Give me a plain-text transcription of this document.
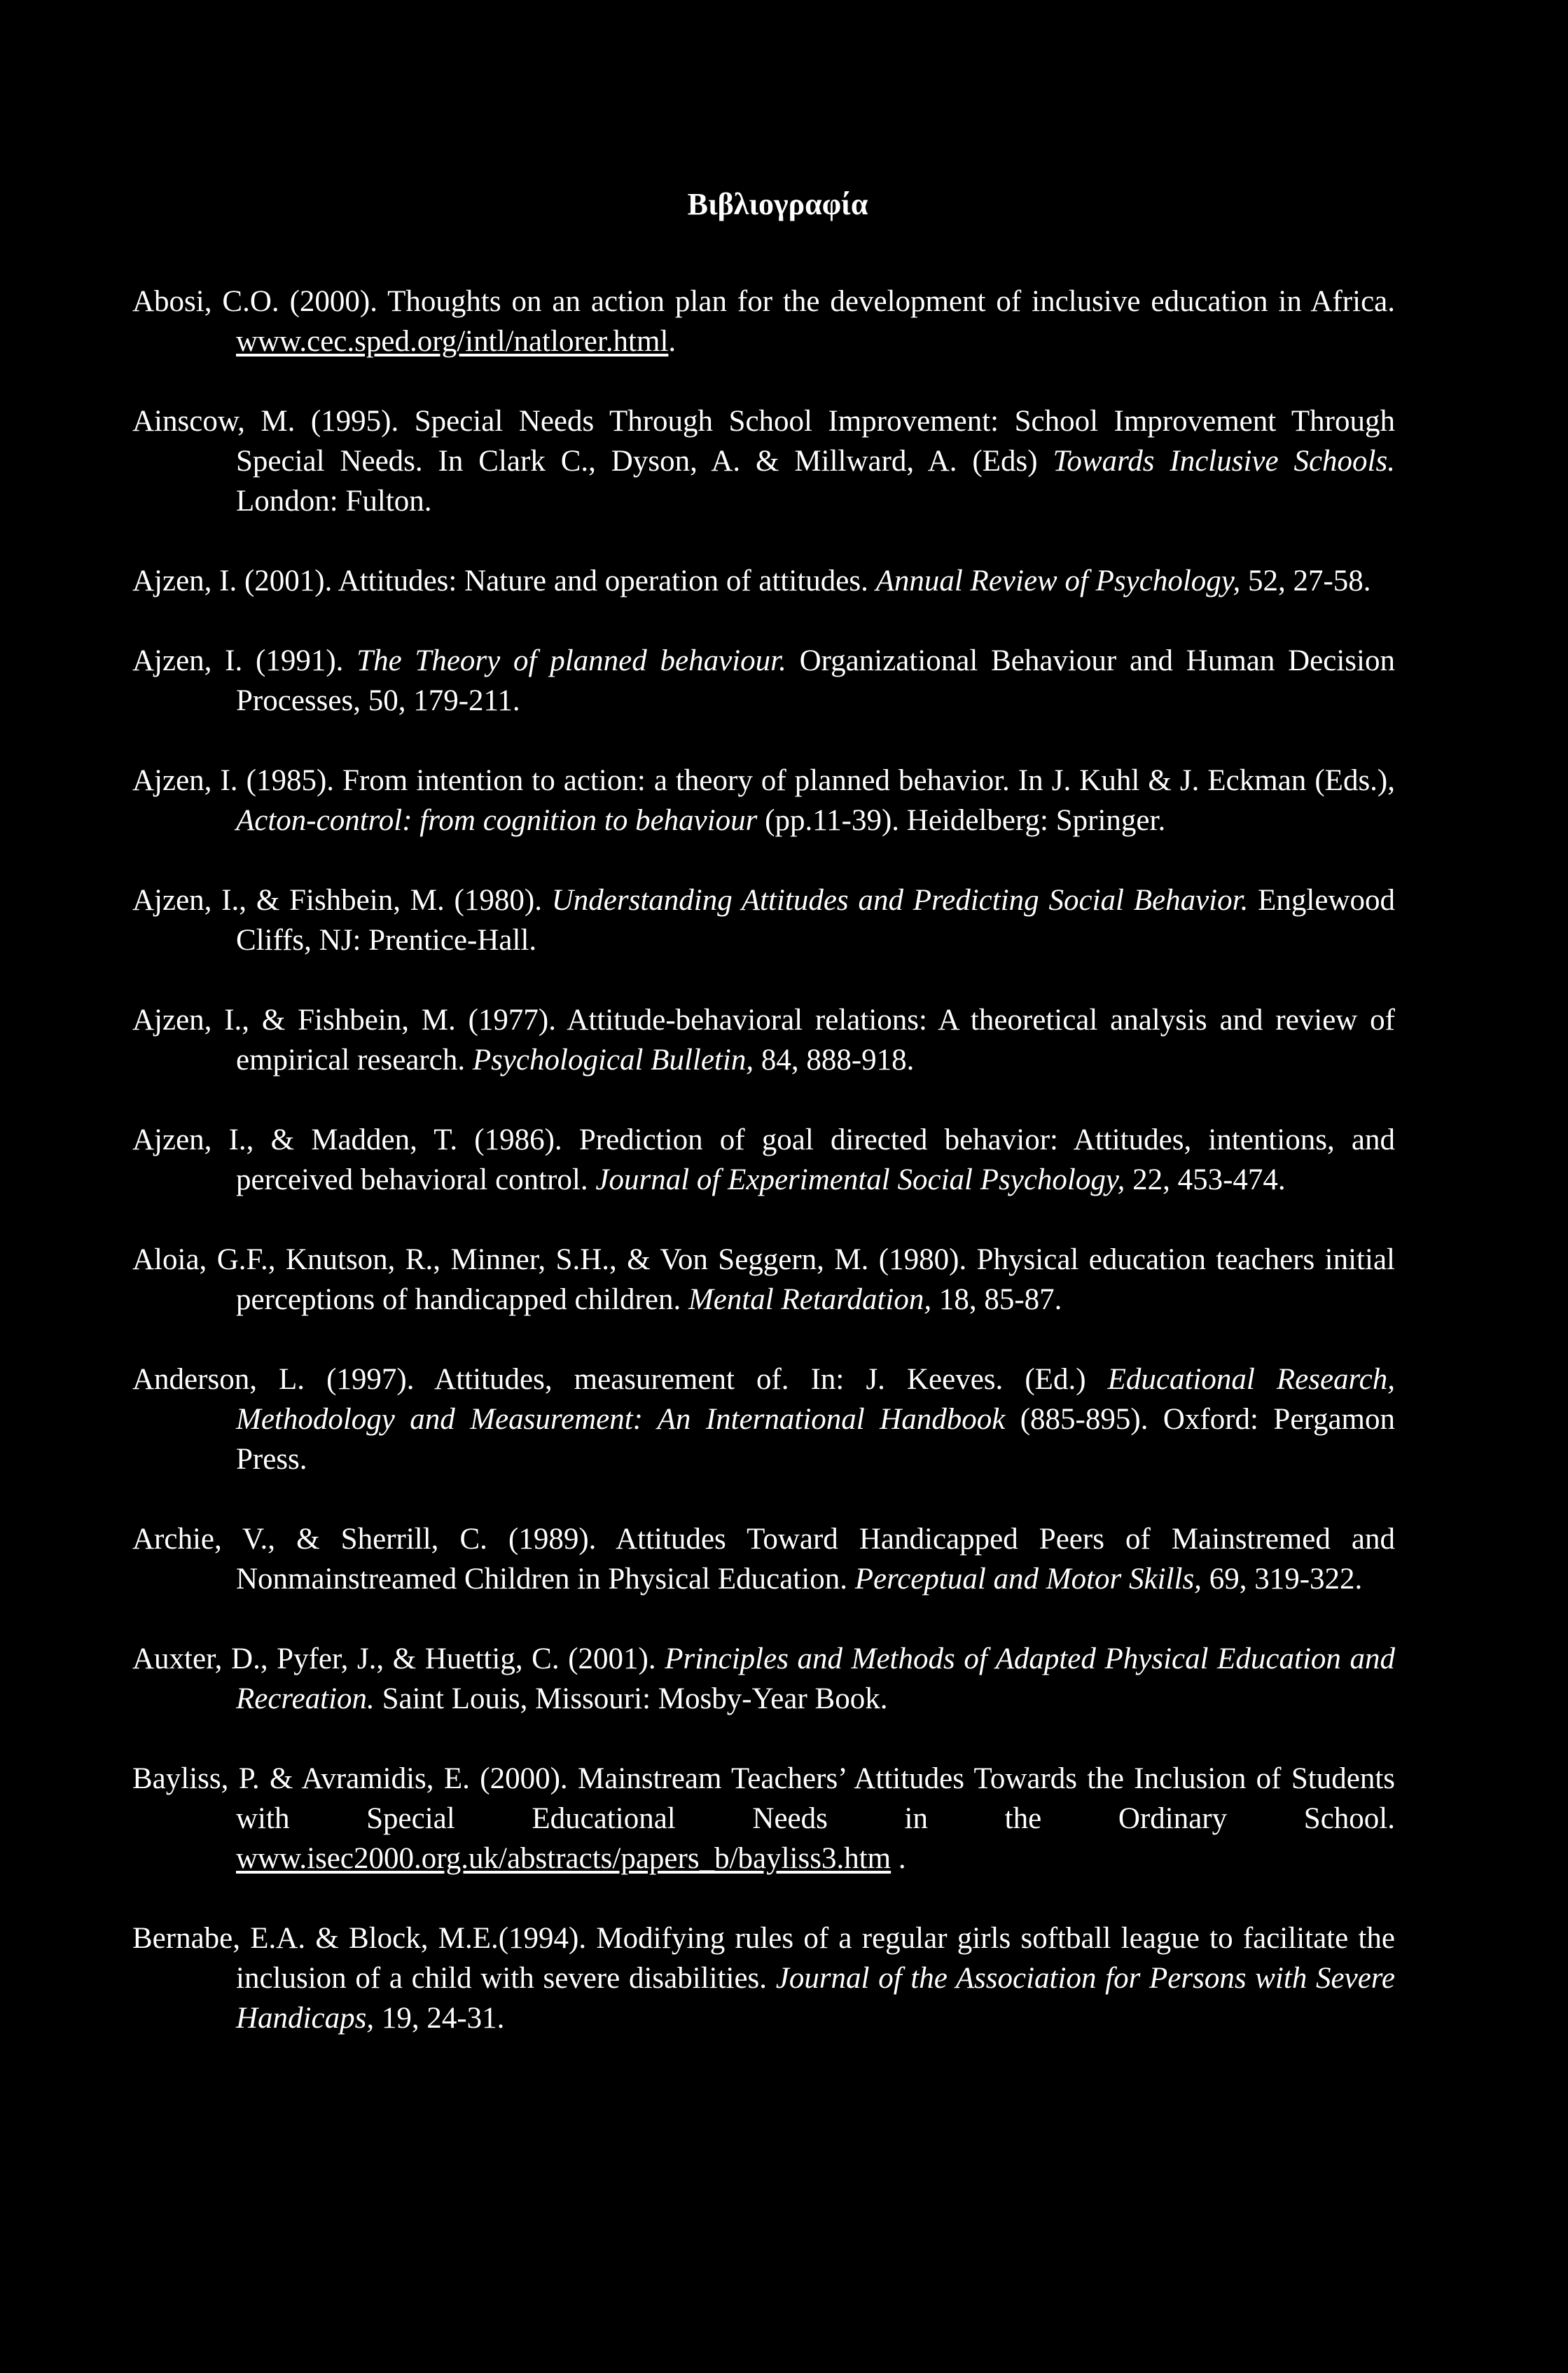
Βιβλιογραφία
Abosi, C.O. (2000). Thoughts on an action plan for the development of inclusive education in Africa. www.cec.sped.org/intl/natlorer.html.
Ainscow, M. (1995). Special Needs Through School Improvement: School Improvement Through Special Needs. In Clark C., Dyson, A. & Millward, A. (Eds) Towards Inclusive Schools. London: Fulton.
Ajzen, I. (2001). Attitudes: Nature and operation of attitudes. Annual Review of Psychology, 52, 27-58.
Ajzen, I. (1991). The Theory of planned behaviour. Organizational Behaviour and Human Decision Processes, 50, 179-211.
Ajzen, I. (1985). From intention to action: a theory of planned behavior. In J. Kuhl & J. Eckman (Eds.), Acton-control: from cognition to behaviour (pp.11-39). Heidelberg: Springer.
Ajzen, I., & Fishbein, M. (1980). Understanding Attitudes and Predicting Social Behavior. Englewood Cliffs, NJ: Prentice-Hall.
Ajzen, I., & Fishbein, M. (1977). Attitude-behavioral relations: A theoretical analysis and review of empirical research. Psychological Bulletin, 84, 888-918.
Ajzen, I., & Madden, T. (1986). Prediction of goal directed behavior: Attitudes, intentions, and perceived behavioral control. Journal of Experimental Social Psychology, 22, 453-474.
Aloia, G.F., Knutson, R., Minner, S.H., & Von Seggern, M. (1980). Physical education teachers initial perceptions of handicapped children. Mental Retardation, 18, 85-87.
Anderson, L. (1997). Attitudes, measurement of. In: J. Keeves. (Ed.) Educational Research, Methodology and Measurement: An International Handbook (885-895). Oxford: Pergamon Press.
Archie, V., & Sherrill, C. (1989). Attitudes Toward Handicapped Peers of Mainstremed and Nonmainstreamed Children in Physical Education. Perceptual and Motor Skills, 69, 319-322.
Auxter, D., Pyfer, J., & Huettig, C. (2001). Principles and Methods of Adapted Physical Education and Recreation. Saint Louis, Missouri: Mosby-Year Book.
Bayliss, P. & Avramidis, E. (2000). Mainstream Teachers’ Attitudes Towards the Inclusion of Students with Special Educational Needs in the Ordinary School. www.isec2000.org.uk/abstracts/papers_b/bayliss3.htm .
Bernabe, E.A. & Block, M.E.(1994). Modifying rules of a regular girls softball league to facilitate the inclusion of a child with severe disabilities. Journal of the Association for Persons with Severe Handicaps, 19, 24-31.
